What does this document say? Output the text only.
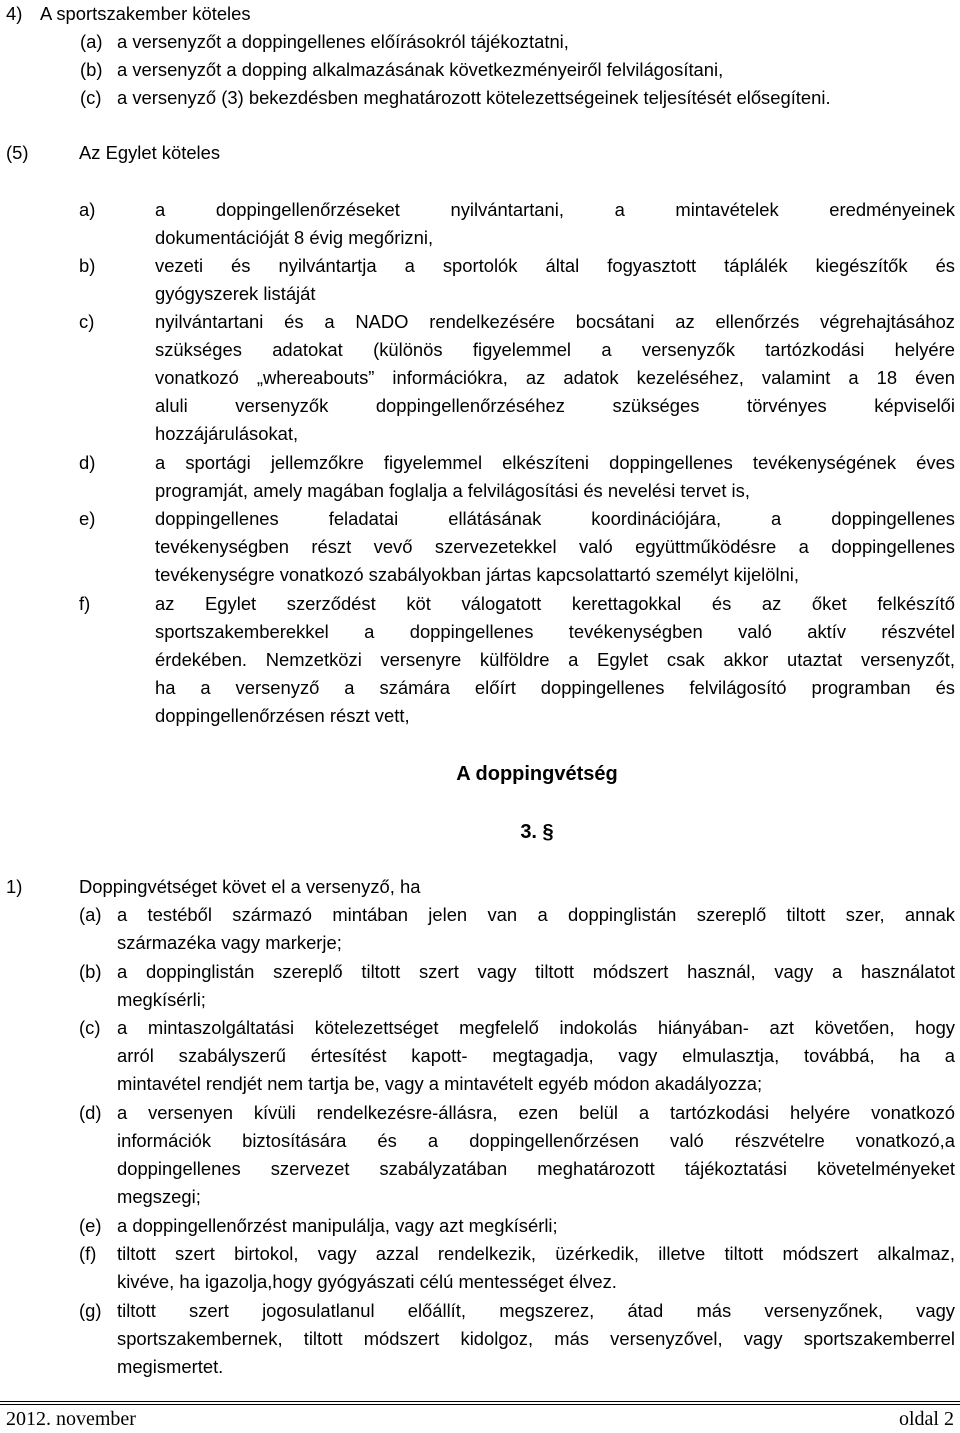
4) A sportszakember köteles
(a) a versenyzőt a doppingellenes előírásokról tájékoztatni,
(b) a versenyzőt a dopping alkalmazásának következményeiről felvilágosítani,
(c) a versenyző (3) bekezdésben meghatározott kötelezettségeinek teljesítését elősegíteni.
(5)	Az Egylet köteles
a)	a doppingellenőrzéseket nyilvántartani, a mintavételek eredményeinek
dokumentációját 8 évig megőrizni,
b)	vezeti és nyilvántartja a sportolók által fogyasztott táplálék kiegészítők és
gyógyszerek listáját
c)	nyilvántartani és a NADO rendelkezésére bocsátani az ellenőrzés végrehajtásához
szükséges adatokat (különös figyelemmel a versenyzők tartózkodási helyére
vonatkozó „whereabouts” információkra, az adatok kezeléséhez, valamint a 18 éven
aluli versenyzők doppingellenőrzéséhez szükséges törvényes képviselői
hozzájárulásokat,
d)	a sportági jellemzőkre figyelemmel elkészíteni doppingellenes tevékenységének éves
programját, amely magában foglalja a felvilágosítási és nevelési tervet is,
e)	doppingellenes feladatai ellátásának koordinációjára, a doppingellenes
tevékenységben részt vevő szervezetekkel való együttműködésre a doppingellenes
tevékenységre vonatkozó szabályokban jártas kapcsolattartó személyt kijelölni,
f)	az Egylet szerződést köt válogatott kerettagokkal és az őket felkészítő
sportszakemberekkel a doppingellenes tevékenységben való aktív részvétel
érdekében. Nemzetközi versenyre külföldre a Egylet csak akkor utaztat versenyzőt,
ha a versenyző a számára előírt doppingellenes felvilágosító programban és
doppingellenőrzésen részt vett,
A doppingvétség
3. §
1)	Doppingvétséget követ el a versenyző, ha
(a) a testéből származó mintában jelen van a doppinglistán szereplő tiltott szer, annak
származéka vagy markerje;
(b) a doppinglistán szereplő tiltott szert vagy tiltott módszert használ, vagy a használatot
megkísérli;
(c) a mintaszolgáltatási kötelezettséget megfelelő indokolás hiányában- azt követően, hogy
arról szabályszerű értesítést kapott- megtagadja, vagy elmulasztja, továbbá, ha a
mintavétel rendjét nem tartja be, vagy a mintavételt egyéb módon akadályozza;
(d) a versenyen kívüli rendelkezésre-állásra, ezen belül a tartózkodási helyére vonatkozó
információk biztosítására és a doppingellenőrzésen való részvételre vonatkozó,a
doppingellenes szervezet szabályzatában meghatározott tájékoztatási követelményeket
megszegi;
(e) a doppingellenőrzést manipulálja, vagy azt megkísérli;
(f) tiltott szert birtokol, vagy azzal rendelkezik, üzérkedik, illetve tiltott módszert alkalmaz,
kivéve, ha igazolja,hogy gyógyászati célú mentességet élvez.
(g) tiltott szert jogosulatlanul előállít, megszerez, átad más versenyzőnek, vagy
sportszakembernek, tiltott módszert kidolgoz, más versenyzővel, vagy sportszakemberrel
megismertet.
2012. november	oldal 2
